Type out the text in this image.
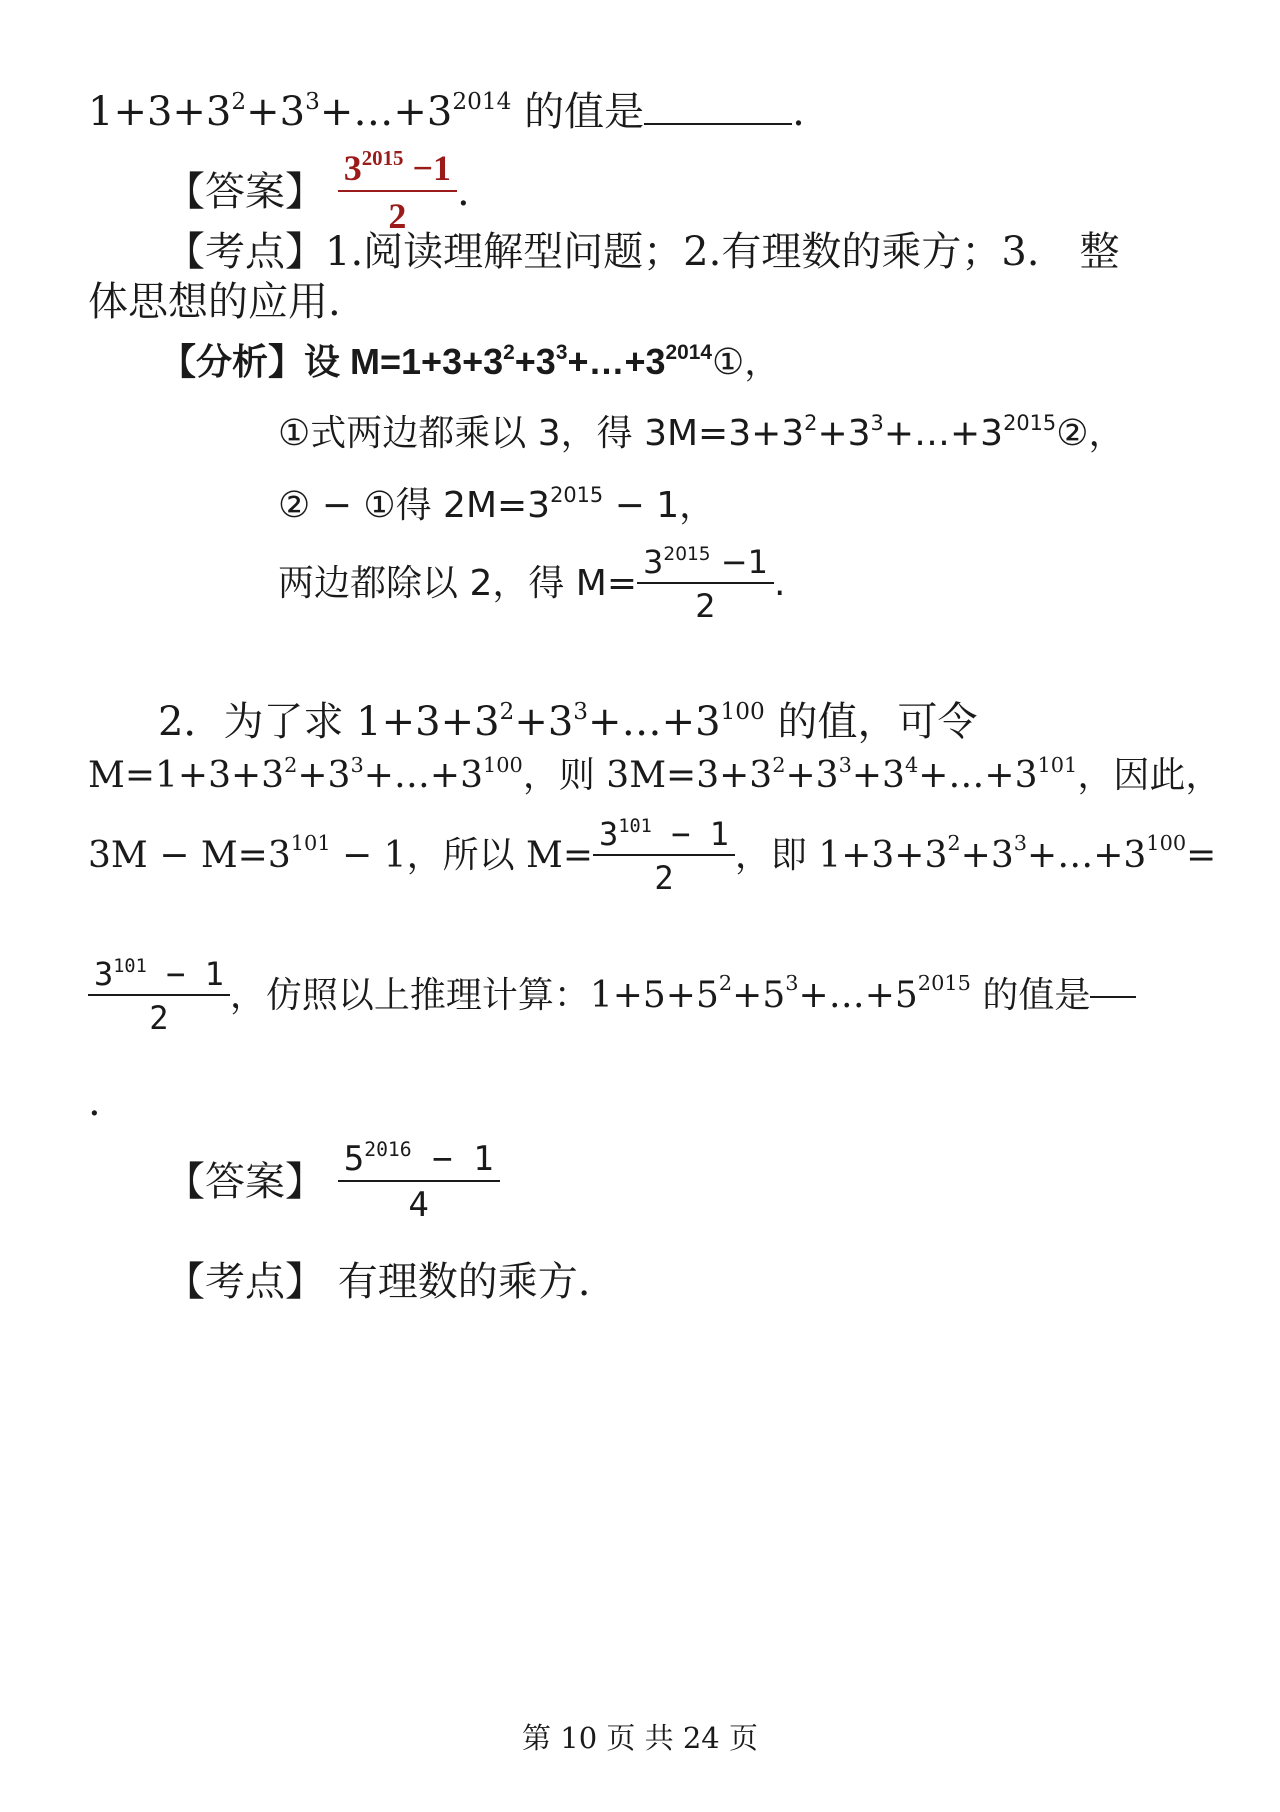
$1+3+3^2+3^3+\dots+3^{2014}$ 的值是	.
【答案】 $\frac{3^{2015} -1}{2}$ .
【考点】1.阅读理解型问题；2.有理数的乘方；3.　整
体思想的应用.
【分析】设 $M=1+3+3^2+3^3+\dots+3^{2014}①$，
①式两边都乘以 3，得 $3M=3+3^2+3^3+\dots+3^{2015}②$，
② − ①得 $2M=3^{2015} - 1$，
两边都除以 2，得 $M= \frac{3^{2015} -1}{2}$ .
2．为了求 $1+3+3^2+3^3+\dots+3^{100}$ 的值，可令
$M=1+3+3^2+3^3+\dots+3^{100}$，则 $3M=3+3^2+3^3+3^4+\dots+3^{101}$，因此，
$3M - M=3^{101} - 1$，所以 $M= \frac{3^{101} - 1}{2}$ ，即 $1+3+3^2+3^3+\dots+3^{100}=$
$\frac{3^{101} - 1}{2}$ ，仿照以上推理计算：$1+5+5^2+5^3+\dots+5^{2015}$ 的值是
.
【答案】 $\frac{5^{2016} - 1}{4}$
【考点】 有理数的乘方.
第 10 页 共 24 页
